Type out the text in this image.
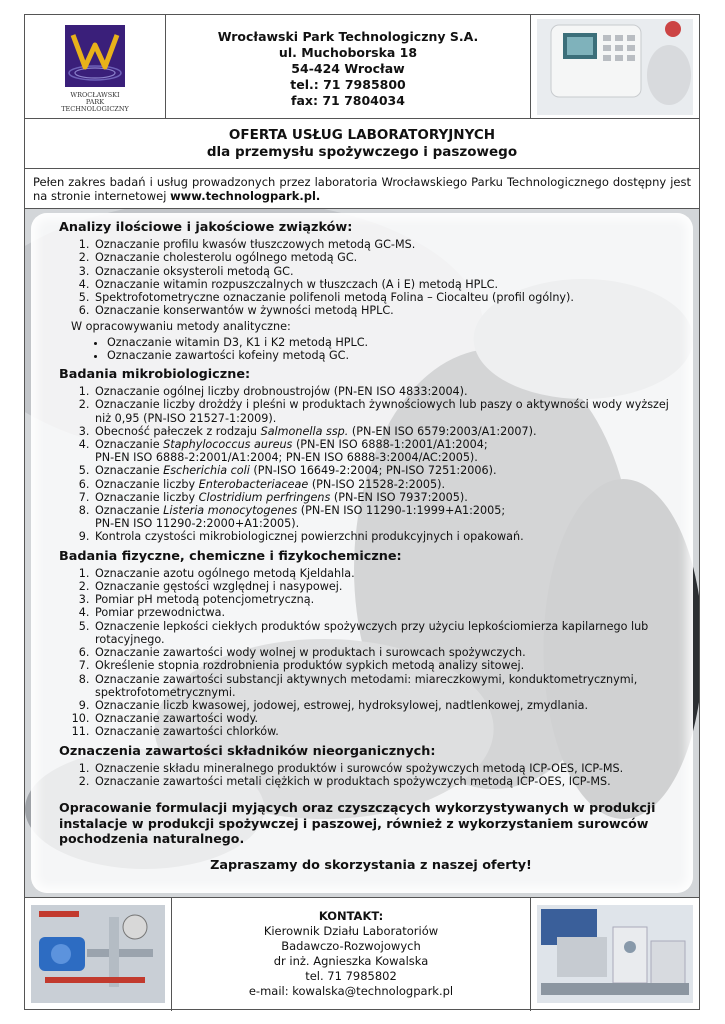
WROCŁAWSKI
PARK
TECHNOLOGICZNY
Wrocławski Park Technologiczny S.A.
ul. Muchoborska 18
54-424 Wrocław
tel.: 71 7985800
fax: 71 7804034
OFERTA USŁUG LABORATORYJNYCH
dla przemysłu spożywczego i paszowego
Pełen zakres badań i usług prowadzonych przez laboratoria Wrocławskiego Parku Technologicznego dostępny jest na stronie internetowej www.technologpark.pl.
Analizy ilościowe i jakościowe związków:
1. Oznaczanie profilu kwasów tłuszczowych metodą GC-MS.
2. Oznaczanie cholesterolu ogólnego metodą GC.
3. Oznaczanie oksysteroli metodą GC.
4. Oznaczanie witamin rozpuszczalnych w tłuszczach (A i E) metodą HPLC.
5. Spektrofotometryczne oznaczanie polifenoli metodą Folina – Ciocalteu (profil ogólny).
6. Oznaczanie konserwantów w żywności metodą HPLC.
W opracowywaniu metody analityczne:
• Oznaczanie witamin D3, K1 i K2 metodą HPLC.
• Oznaczanie zawartości kofeiny metodą GC.
Badania mikrobiologiczne:
1. Oznaczanie ogólnej liczby drobnoustrojów (PN-EN ISO 4833:2004).
2. Oznaczanie liczby drożdży i pleśni w produktach żywnościowych lub paszy o aktywności wody wyższej niż 0,95 (PN-ISO 21527-1:2009).
3. Obecność pałeczek z rodzaju Salmonella ssp. (PN-EN ISO 6579:2003/A1:2007).
4. Oznaczanie Staphylococcus aureus (PN-EN ISO 6888-1:2001/A1:2004;
PN-EN ISO 6888-2:2001/A1:2004; PN-EN ISO 6888-3:2004/AC:2005).
5. Oznaczanie Escherichia coli (PN-ISO 16649-2:2004; PN-ISO 7251:2006).
6. Oznaczanie liczby Enterobacteriaceae (PN-ISO 21528-2:2005).
7. Oznaczanie liczby Clostridium perfringens (PN-EN ISO 7937:2005).
8. Oznaczanie Listeria monocytogenes (PN-EN ISO 11290-1:1999+A1:2005;
PN-EN ISO 11290-2:2000+A1:2005).
9. Kontrola czystości mikrobiologicznej powierzchni produkcyjnych i opakowań.
Badania fizyczne, chemiczne i fizykochemiczne:
1. Oznaczanie azotu ogólnego metodą Kjeldahla.
2. Oznaczanie gęstości względnej i nasypowej.
3. Pomiar pH metodą potencjometryczną.
4. Pomiar przewodnictwa.
5. Oznaczenie lepkości ciekłych produktów spożywczych przy użyciu lepkościomierza kapilarnego lub rotacyjnego.
6. Oznaczanie zawartości wody wolnej w produktach i surowcach spożywczych.
7. Określenie stopnia rozdrobnienia produktów sypkich metodą analizy sitowej.
8. Oznaczanie zawartości substancji aktywnych metodami: miareczkowymi, konduktometrycznymi, spektrofotometrycznymi.
9. Oznaczanie liczb kwasowej, jodowej, estrowej, hydroksylowej, nadtlenkowej, zmydlania.
10. Oznaczanie zawartości wody.
11. Oznaczanie zawartości chlorków.
Oznaczenia zawartości składników nieorganicznych:
1. Oznaczenie składu mineralnego produktów i surowców spożywczych metodą ICP-OES, ICP-MS.
2. Oznaczanie zawartości metali ciężkich w produktach spożywczych metodą ICP-OES, ICP-MS.
Opracowanie formulacji myjących oraz czyszczących wykorzystywanych w produkcji instalacje w produkcji spożywczej i paszowej, również z wykorzystaniem surowców pochodzenia naturalnego.
Zapraszamy do skorzystania z naszej oferty!
KONTAKT:
Kierownik Działu Laboratoriów
Badawczo-Rozwojowych
dr inż. Agnieszka Kowalska
tel. 71 7985802
e-mail: kowalska@technologpark.pl
